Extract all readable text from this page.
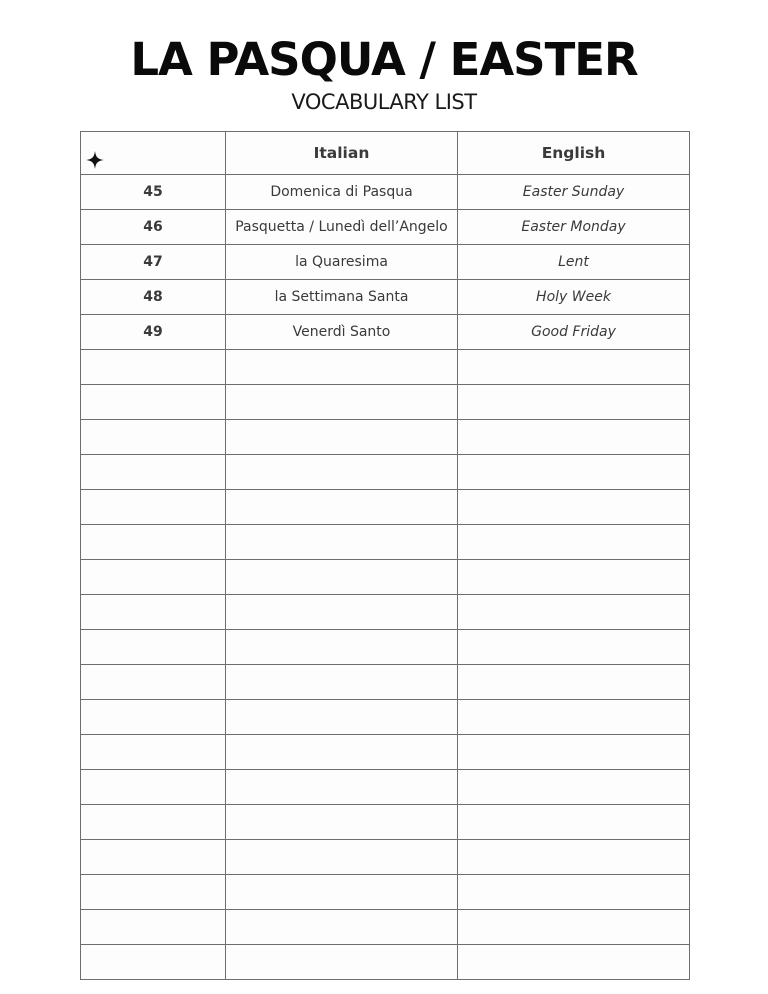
LA PASQUA / EASTER
VOCABULARY LIST
	Italian	English
45	Domenica di Pasqua	Easter Sunday
46	Pasquetta / Lunedì dell’Angelo	Easter Monday
47	la Quaresima	Lent
48	la Settimana Santa	Holy Week
49	Venerdì Santo	Good Friday
